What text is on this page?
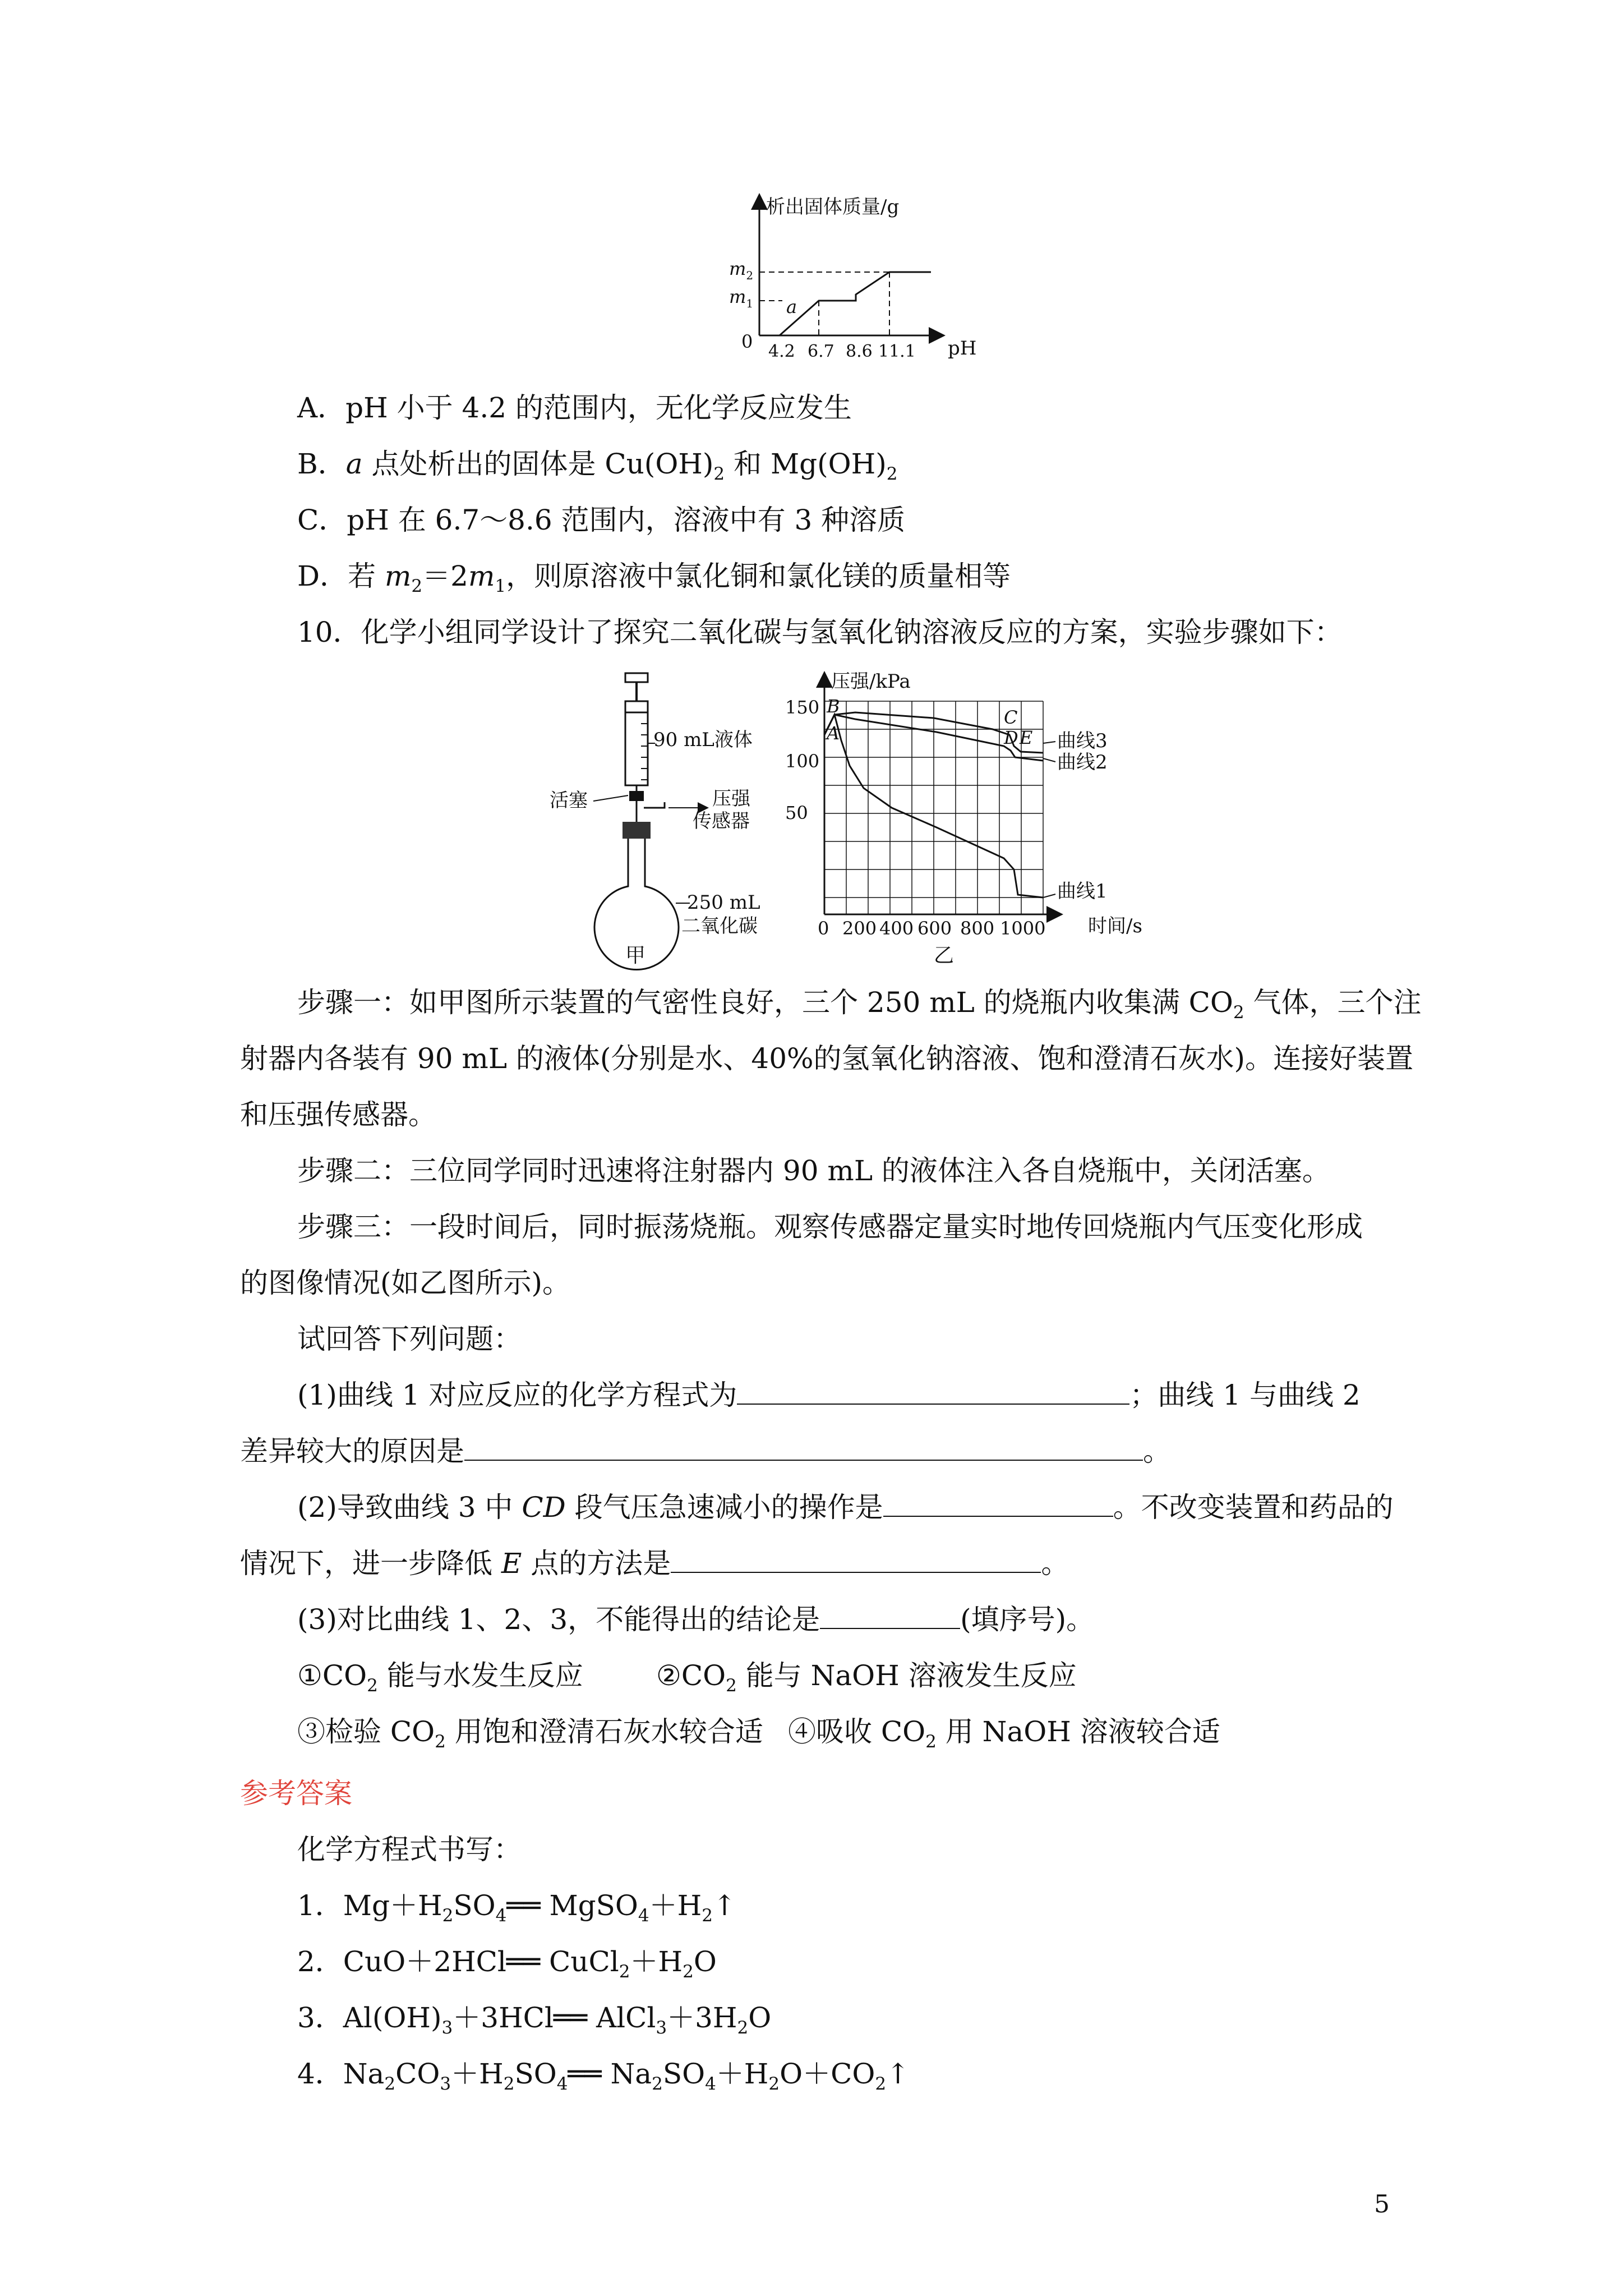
析出固体质量/g
pH
0
$m_2$
$m_1$ a
4.2 6.7 8.6 11.1
A．pH 小于 4.2 的范围内，无化学反应发生
B．a 点处析出的固体是 $Cu(OH)_2$ 和 $Mg(OH)_2$
C．pH 在 6.7～8.6 范围内，溶液中有 3 种溶质
D．若 $m_2=2m_1$，则原溶液中氯化铜和氯化镁的质量相等
10．化学小组同学设计了探究二氧化碳与氢氧化钠溶液反应的方案，实验步骤如下：
90 mL液体
活塞	压强
传感器
250 mL
二氧化碳
甲
150
100
50
0 200 400 600 800 1000
压强/kPa
时间/s
B
A
C
D E 曲线3
曲线2
曲线1
乙
步骤一：如甲图所示装置的气密性良好，三个 250 mL 的烧瓶内收集满 $CO_2$ 气体，三个注
射器内各装有 90 mL 的液体(分别是水、40%的氢氧化钠溶液、饱和澄清石灰水)。连接好装置
和压强传感器。
步骤二：三位同学同时迅速将注射器内 90 mL 的液体注入各自烧瓶中，关闭活塞。
步骤三：一段时间后，同时振荡烧瓶。观察传感器定量实时地传回烧瓶内气压变化形成
的图像情况(如乙图所示)。
试回答下列问题：
(1)曲线 1 对应反应的化学方程式为	；曲线 1 与曲线 2
差异较大的原因是	。
(2)导致曲线 3 中 CD 段气压急速减小的操作是	。不改变装置和药品的
情况下，进一步降低 E 点的方法是	。
(3)对比曲线 1、2、3，不能得出的结论是	(填序号)。
$①CO_2$ 能与水发生反应	$②CO_2$ 能与 NaOH 溶液发生反应
③检验 $CO_2$ 用饱和澄清石灰水较合适 ④吸收 $CO_2$ 用 NaOH 溶液较合适
参考答案
化学方程式书写：
1．$Mg+H_2SO_4══$ $MgSO_4+H_2↑$
2．CuO＋2HCl══ $CuCl_2+H_2O$
3．$Al(OH)_3+3HCl══$ $AlCl_3+3H_2O$
4．$Na_2CO_3+H_2SO_4══$ $Na_2SO_4+H_2O+CO_2↑$
5
